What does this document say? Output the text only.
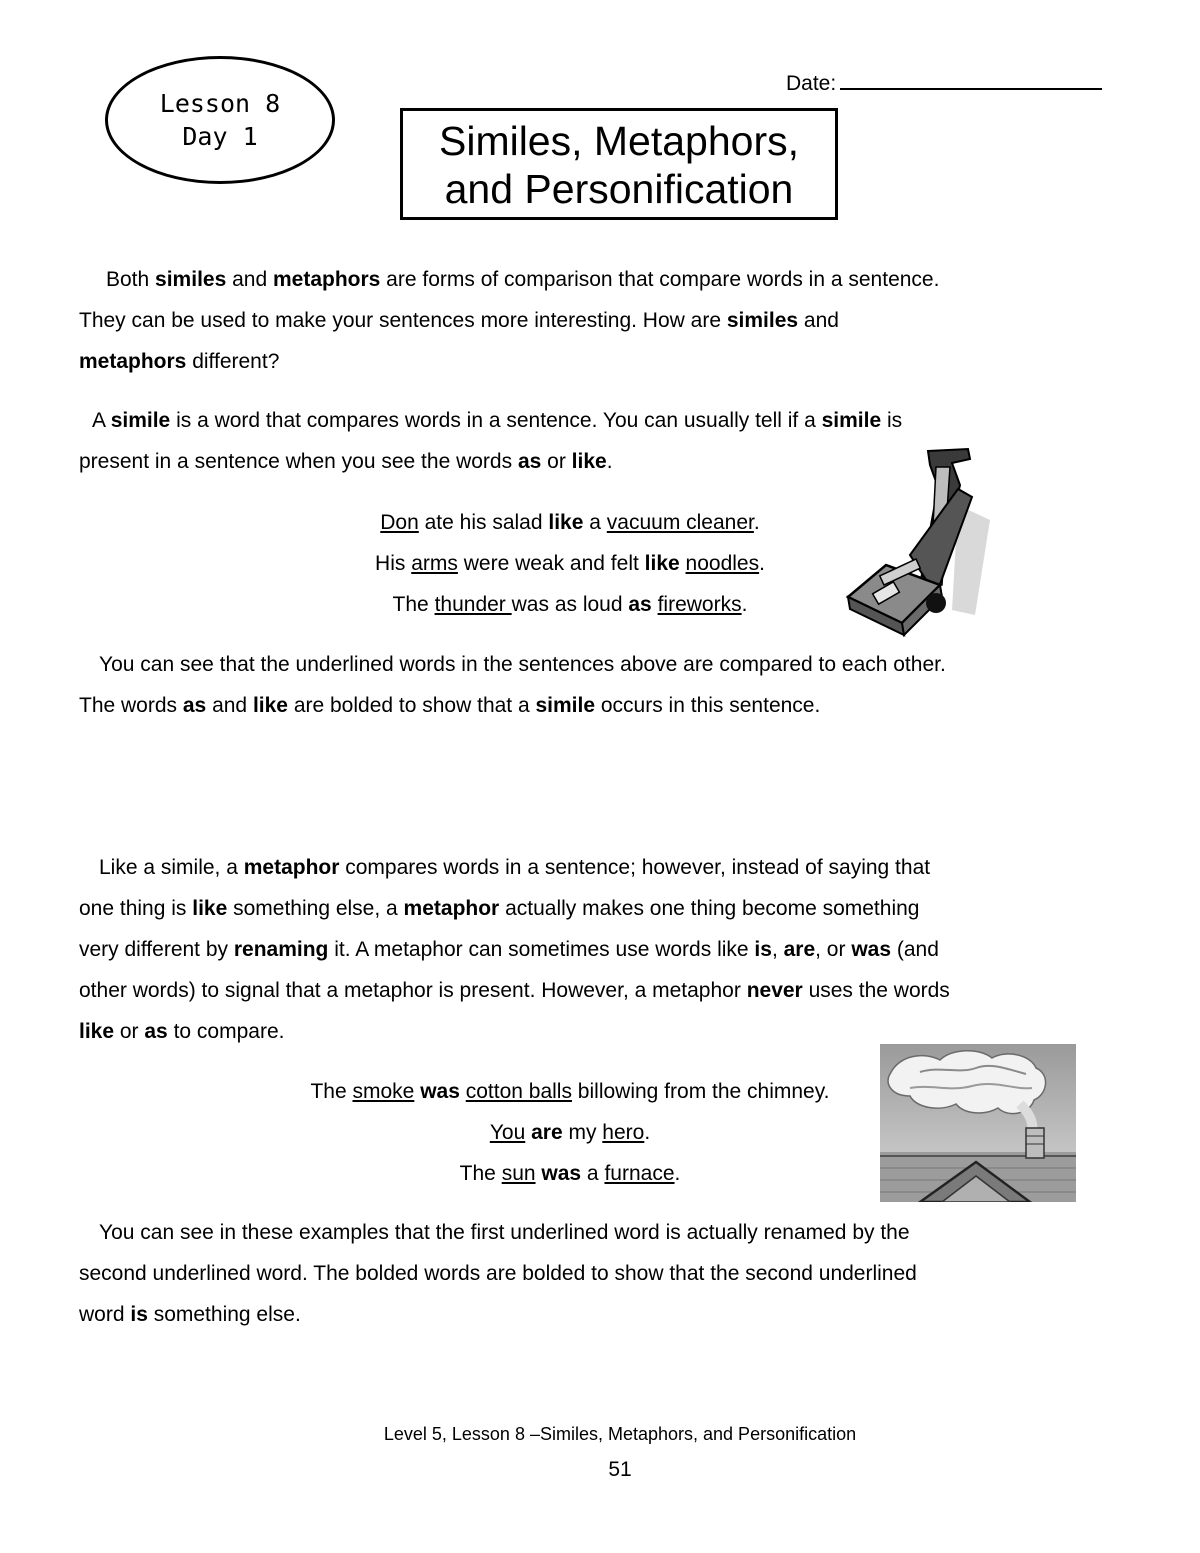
Lesson 8
Day 1
Date:
Similes, Metaphors,
and Personification
Both similes and metaphors are forms of comparison that compare words in a sentence.
They can be used to make your sentences more interesting. How are similes and
metaphors different?
A simile is a word that compares words in a sentence. You can usually tell if a simile is
present in a sentence when you see the words as or like.
Don ate his salad like a vacuum cleaner.
His arms were weak and felt like noodles.
The thunder was as loud as fireworks.
You can see that the underlined words in the sentences above are compared to each other.
The words as and like are bolded to show that a simile occurs in this sentence.
Like a simile, a metaphor compares words in a sentence; however, instead of saying that
one thing is like something else, a metaphor actually makes one thing become something
very different by renaming it. A metaphor can sometimes use words like is, are, or was (and
other words) to signal that a metaphor is present. However, a metaphor never uses the words
like or as to compare.
The smoke was cotton balls billowing from the chimney.
You are my hero.
The sun was a furnace.
You can see in these examples that the first underlined word is actually renamed by the
second underlined word. The bolded words are bolded to show that the second underlined
word is something else.
Level 5, Lesson 8 –Similes, Metaphors, and Personification
51
